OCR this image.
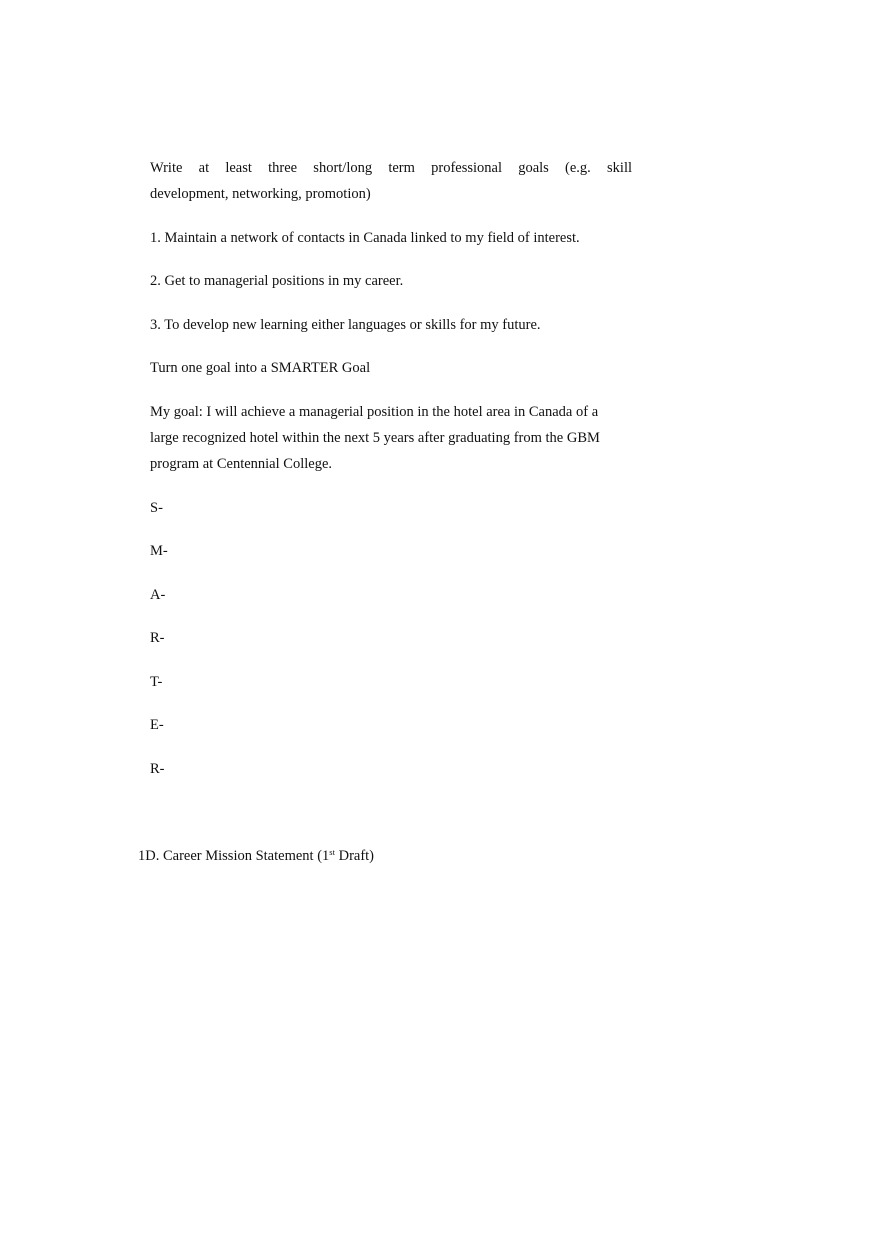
Write at least three short/long term professional goals (e.g. skill

development, networking, promotion)

1. Maintain a network of contacts in Canada linked to my field of interest.

2. Get to managerial positions in my career.

3. To develop new learning either languages or skills for my future.

Turn one goal into a SMARTER Goal

My goal: I will achieve a managerial position in the hotel area in Canada of a

large recognized hotel within the next 5 years after graduating from the GBM

program at Centennial College.

S-

M-

A-

R-

T-

E-

R-

1D. Career Mission Statement (1st Draft)
